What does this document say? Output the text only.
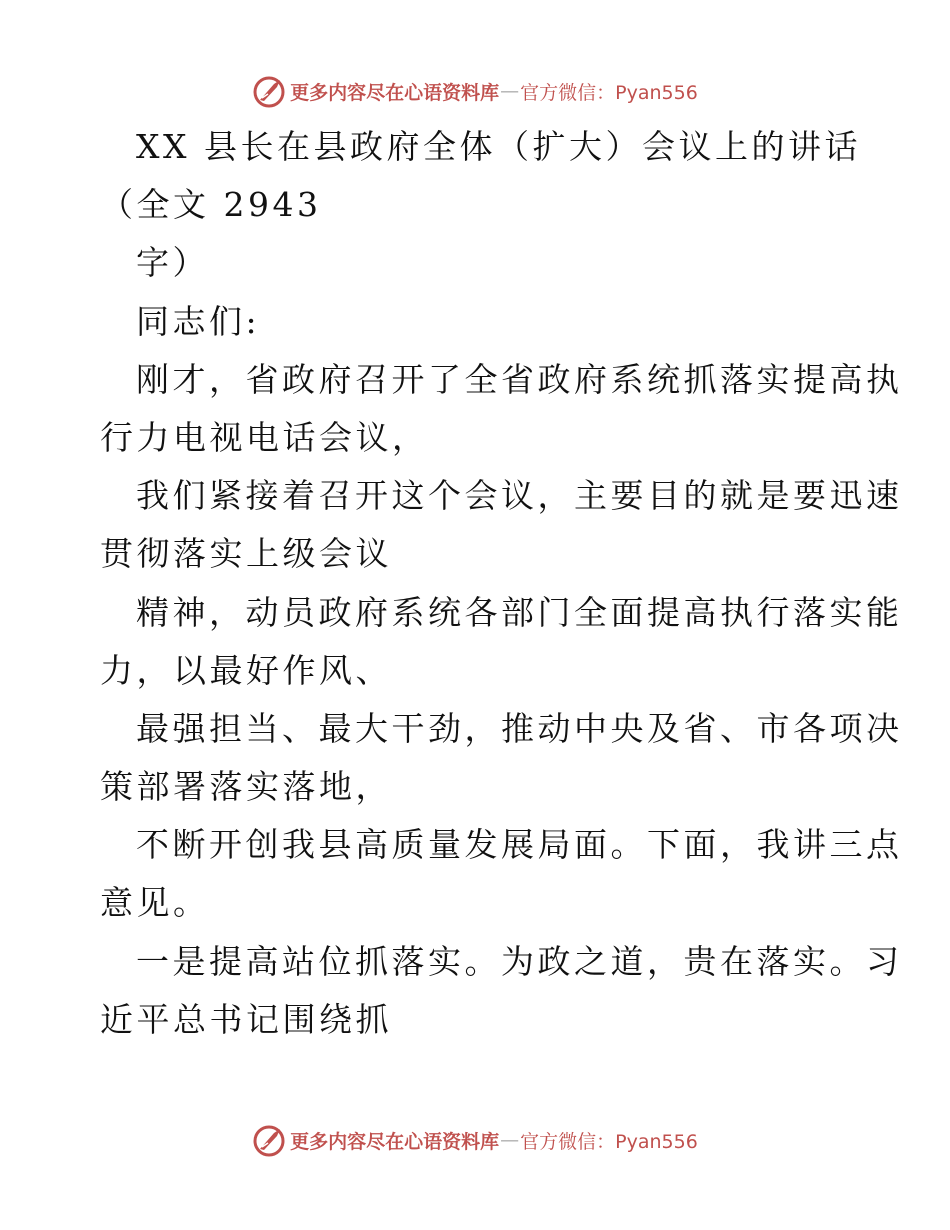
更多内容尽在心语资料库 — 官方微信：Pyan556
XX 县长在县政府全体（扩大）会议上的讲话
（全文 2943
字）
同志们:
刚才，省政府召开了全省政府系统抓落实提高执
行力电视电话会议，
我们紧接着召开这个会议，主要目的就是要迅速
贯彻落实上级会议
精神，动员政府系统各部门全面提高执行落实能
力，以最好作风、
最强担当、最大干劲，推动中央及省、市各项决
策部署落实落地，
不断开创我县高质量发展局面。下面，我讲三点
意见。
一是提高站位抓落实。为政之道，贵在落实。习
近平总书记围绕抓
更多内容尽在心语资料库 — 官方微信：Pyan556
